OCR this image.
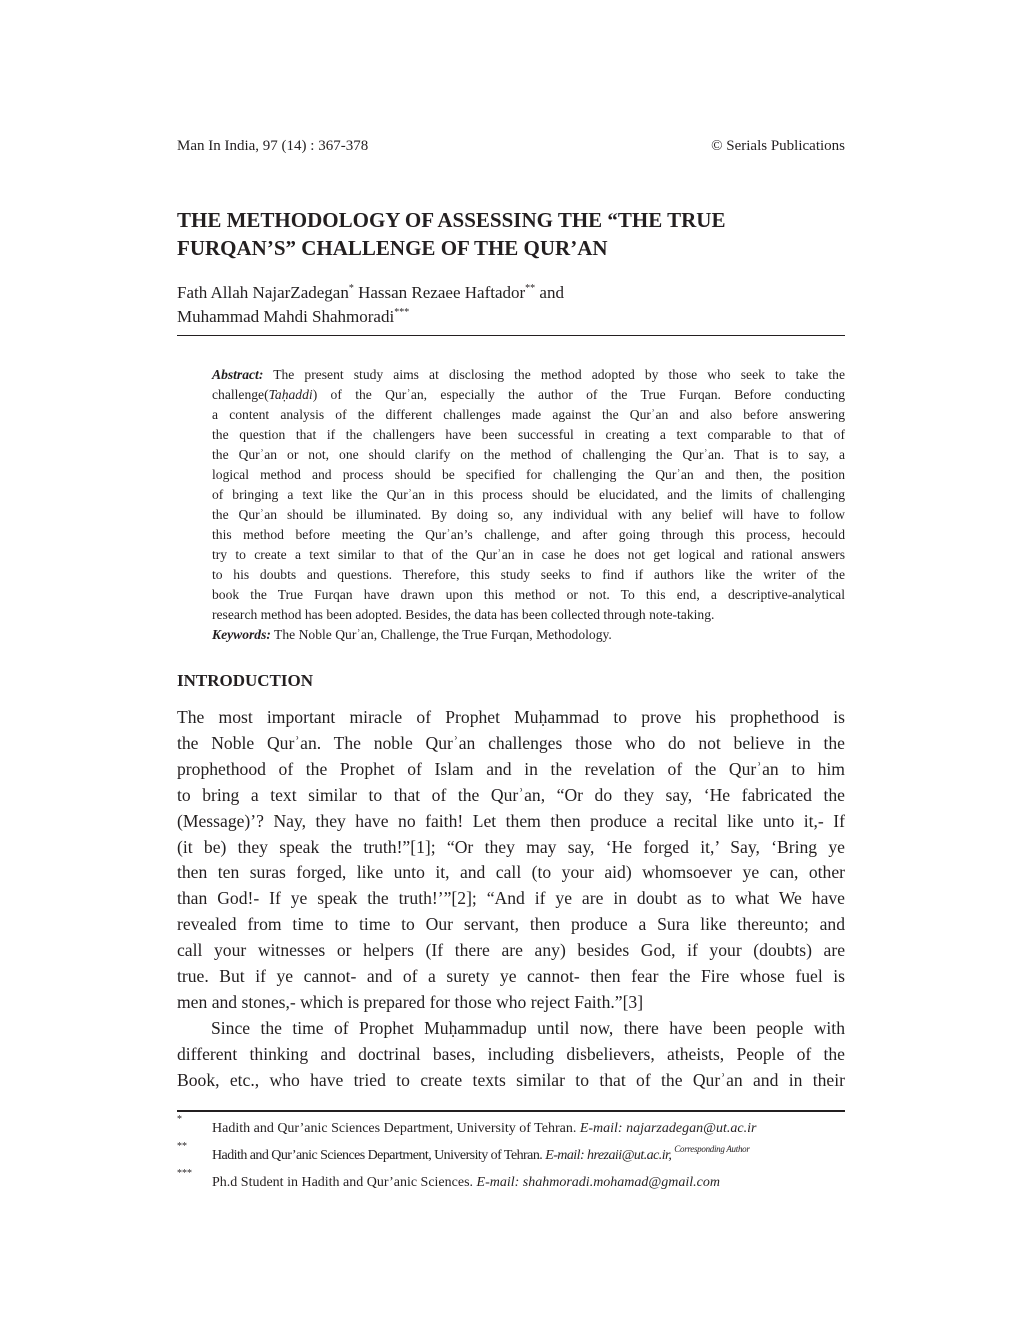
Man In India, 97 (14) : 367-378	© Serials Publications
THE METHODOLOGY OF ASSESSING THE “THE TRUE
FURQAN’S” CHALLENGE OF THE QUR’AN
Fath Allah NajarZadegan* Hassan Rezaee Haftador** and
Muhammad Mahdi Shahmoradi***
Abstract: The present study aims at disclosing the method adopted by those who seek to take the
challenge(Taḥaddi) of the Qurʾan, especially the author of the True Furqan. Before conducting
a content analysis of the different challenges made against the Qurʾan and also before answering
the question that if the challengers have been successful in creating a text comparable to that of
the Qurʾan or not, one should clarify on the method of challenging the Qurʾan. That is to say, a
logical method and process should be specified for challenging the Qurʾan and then, the position
of bringing a text like the Qurʾan in this process should be elucidated, and the limits of challenging
the Qurʾan should be illuminated. By doing so, any individual with any belief will have to follow
this method before meeting the Qurʾan’s challenge, and after going through this process, hecould
try to create a text similar to that of the Qurʾan in case he does not get logical and rational answers
to his doubts and questions. Therefore, this study seeks to find if authors like the writer of the
book the True Furqan have drawn upon this method or not. To this end, a descriptive-analytical
research method has been adopted. Besides, the data has been collected through note-taking.
Keywords: The Noble Qurʾan, Challenge, the True Furqan, Methodology.
INTRODUCTION
The most important miracle of Prophet Muḥammad to prove his prophethood is
the Noble Qurʾan. The noble Qurʾan challenges those who do not believe in the
prophethood of the Prophet of Islam and in the revelation of the Qurʾan to him
to bring a text similar to that of the Qurʾan, “Or do they say, ‘He fabricated the
(Message)’? Nay, they have no faith! Let them then produce a recital like unto it,- If
(it be) they speak the truth!”[1]; “Or they may say, ‘He forged it,’ Say, ‘Bring ye
then ten suras forged, like unto it, and call (to your aid) whomsoever ye can, other
than God!- If ye speak the truth!’”[2]; “And if ye are in doubt as to what We have
revealed from time to time to Our servant, then produce a Sura like thereunto; and
call your witnesses or helpers (If there are any) besides God, if your (doubts) are
true. But if ye cannot- and of a surety ye cannot- then fear the Fire whose fuel is
men and stones,- which is prepared for those who reject Faith.”[3]
Since the time of Prophet Muḥammadup until now, there have been people with
different thinking and doctrinal bases, including disbelievers, atheists, People of the
Book, etc., who have tried to create texts similar to that of the Qurʾan and in their
*
Hadith and Qur’anic Sciences Department, University of Tehran. E-mail: najarzadegan@ut.ac.ir
**
Hadith and Qur’anic Sciences Department, University of Tehran. E-mail: hrezaii@ut.ac.ir, $^{Corresponding Author}$
***
Ph.d Student in Hadith and Qur’anic Sciences. E-mail: shahmoradi.mohamad@gmail.com
